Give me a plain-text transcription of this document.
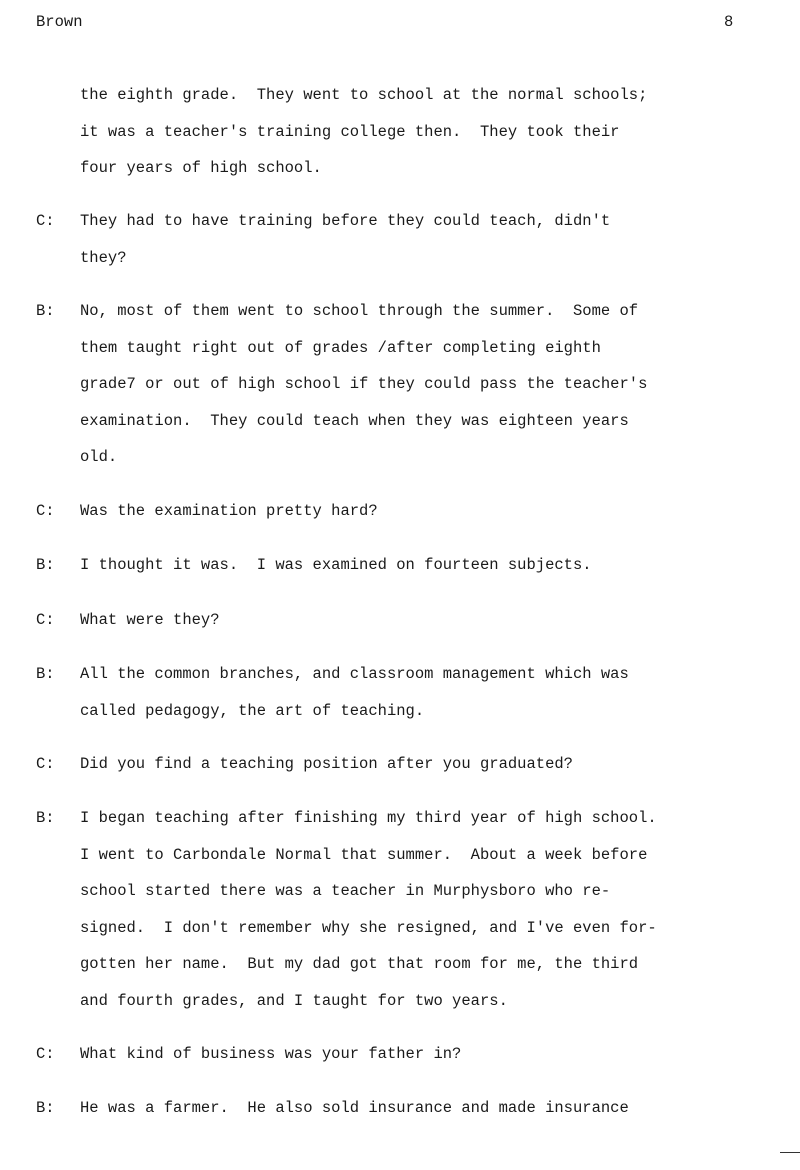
Brown	8
the eighth grade.  They went to school at the normal schools;
it was a teacher's training college then.  They took their
four years of high school.
C:	They had to have training before they could teach, didn't
they?
B:	No, most of them went to school through the summer.  Some of
them taught right out of grades /after completing eighth
grade7 or out of high school if they could pass the teacher's
examination.  They could teach when they was eighteen years
old.
C:	Was the examination pretty hard?
B:	I thought it was.  I was examined on fourteen subjects.
C:	What were they?
B:	All the common branches, and classroom management which was
called pedagogy, the art of teaching.
C:	Did you find a teaching position after you graduated?
B:	I began teaching after finishing my third year of high school.
I went to Carbondale Normal that summer.  About a week before
school started there was a teacher in Murphysboro who re-
signed.  I don't remember why she resigned, and I've even for-
gotten her name.  But my dad got that room for me, the third
and fourth grades, and I taught for two years.
C:	What kind of business was your father in?
B:	He was a farmer.  He also sold insurance and made insurance
